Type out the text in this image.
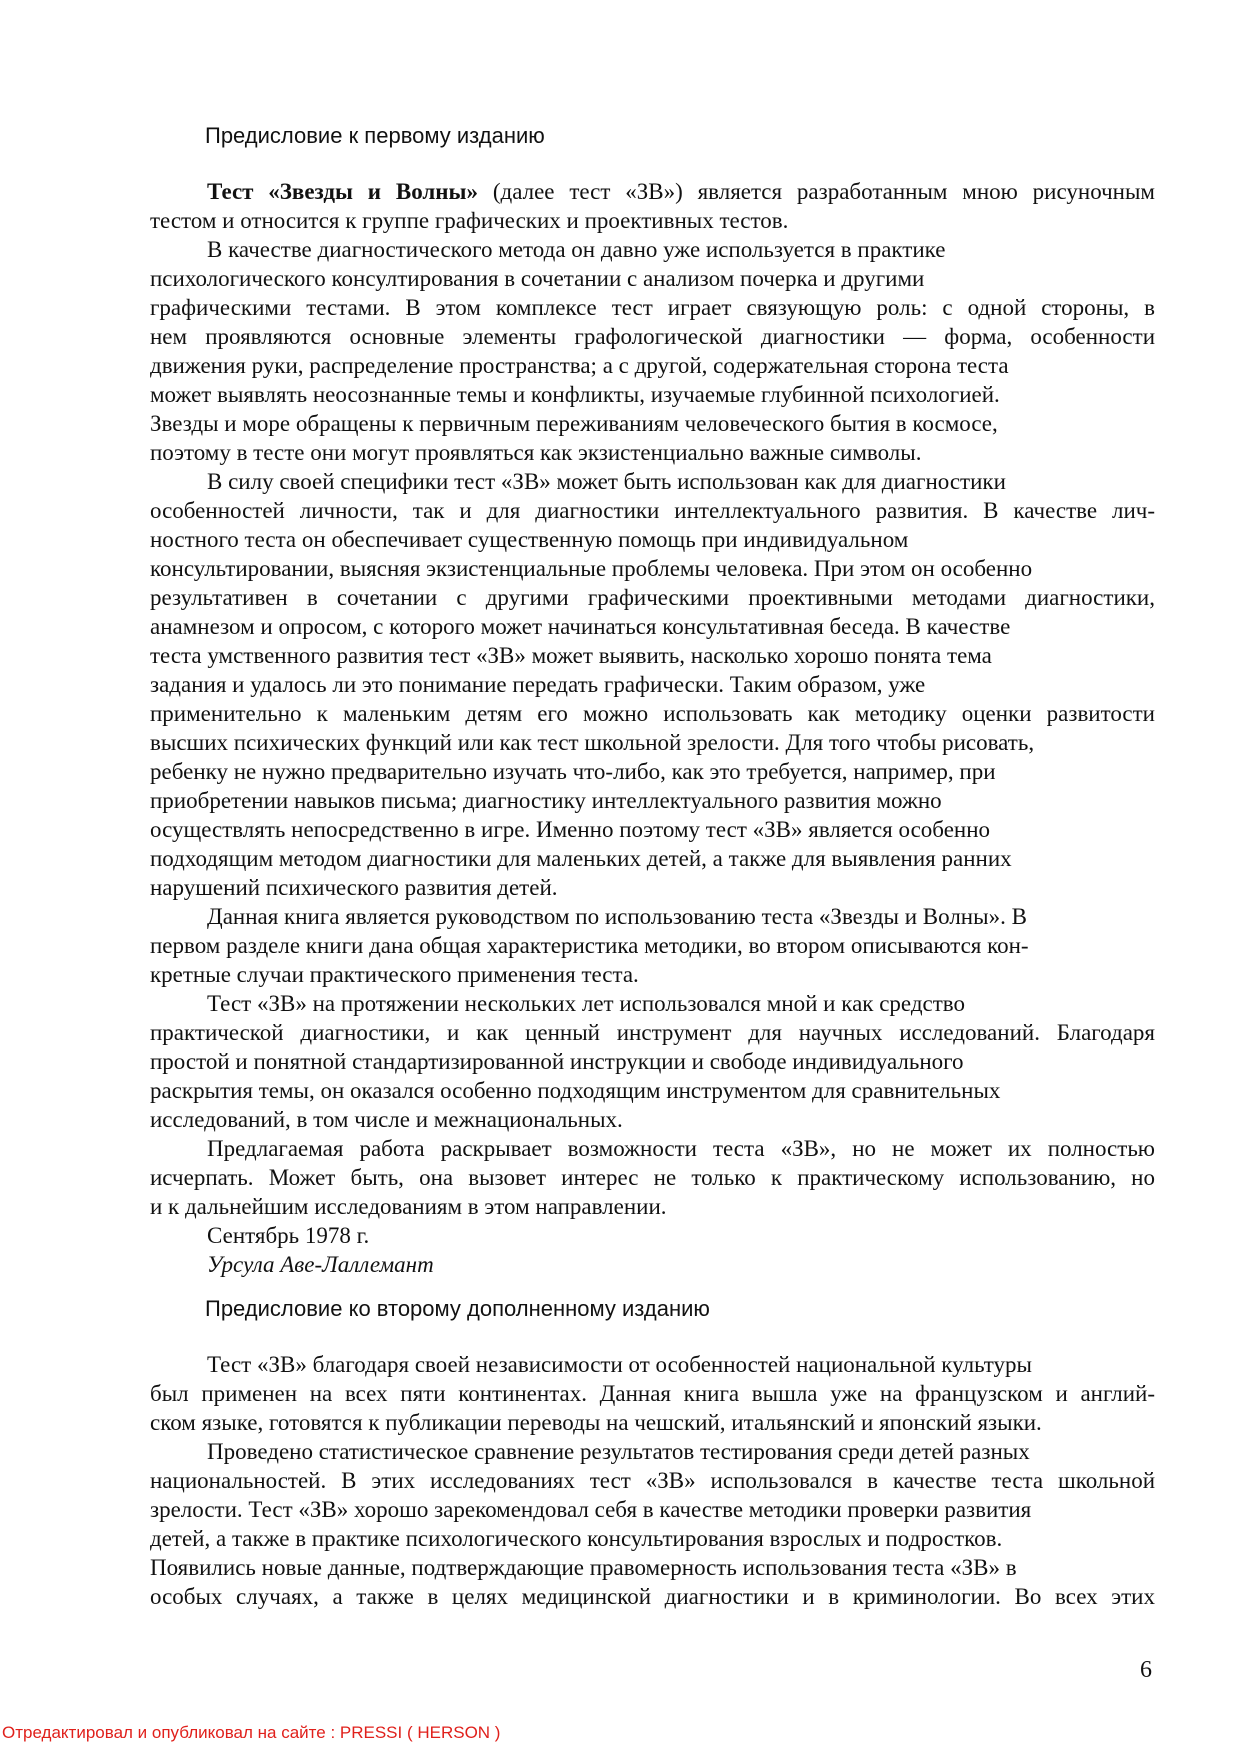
Предисловие к первому изданию
Тест «Звезды и Волны» (далее тест «ЗВ») является разработанным мною рисуночным
тестом и относится к группе графических и проективных тестов.
В качестве диагностического метода он давно уже используется в практике
психологического консултирования в сочетании с анализом почерка и другими
графическими тестами. В этом комплексе тест играет связующую роль: с одной стороны, в
нем проявляются основные элементы графологической диагностики — форма, особенности
движения руки, распределение пространства; а с другой, содержательная сторона теста
может выявлять неосознанные темы и конфликты, изучаемые глубинной психологией.
Звезды и море обращены к первичным переживаниям человеческого бытия в космосе,
поэтому в тесте они могут проявляться как экзистенциально важные символы.
В силу своей специфики тест «ЗВ» может быть использован как для диагностики
особенностей личности, так и для диагностики интеллектуального развития. В качестве лич-
ностного теста он обеспечивает существенную помощь при индивидуальном
консультировании, выясняя экзистенциальные проблемы человека. При этом он особенно
результативен в сочетании с другими графическими проективными методами диагностики,
анамнезом и опросом, с которого может начинаться консультативная беседа. В качестве
теста умственного развития тест «ЗВ» может выявить, насколько хорошо понята тема
задания и удалось ли это понимание передать графически. Таким образом, уже
применительно к маленьким детям его можно использовать как методику оценки развитости
высших психических функций или как тест школьной зрелости. Для того чтобы рисовать,
ребенку не нужно предварительно изучать что-либо, как это требуется, например, при
приобретении навыков письма; диагностику интеллектуального развития можно
осуществлять непосредственно в игре. Именно поэтому тест «ЗВ» является особенно
подходящим методом диагностики для маленьких детей, а также для выявления ранних
нарушений психического развития детей.
Данная книга является руководством по использованию теста «Звезды и Волны». В
первом разделе книги дана общая характеристика методики, во втором описываются кон-
кретные случаи практического применения теста.
Тест «ЗВ» на протяжении нескольких лет использовался мной и как средство
практической диагностики, и как ценный инструмент для научных исследований. Благодаря
простой и понятной стандартизированной инструкции и свободе индивидуального
раскрытия темы, он оказался особенно подходящим инструментом для сравнительных
исследований, в том числе и межнациональных.
Предлагаемая работа раскрывает возможности теста «ЗВ», но не может их полностью
исчерпать. Может быть, она вызовет интерес не только к практическому использованию, но
и к дальнейшим исследованиям в этом направлении.
Сентябрь 1978 г.
Урсула Аве-Лаллемант
Предисловие ко второму дополненному изданию
Тест «ЗВ» благодаря своей независимости от особенностей национальной культуры
был применен на всех пяти континентах. Данная книга вышла уже на французском и англий-
ском языке, готовятся к публикации переводы на чешский, итальянский и японский языки.
Проведено статистическое сравнение результатов тестирования среди детей разных
национальностей. В этих исследованиях тест «ЗВ» использовался в качестве теста школьной
зрелости. Тест «ЗВ» хорошо зарекомендовал себя в качестве методики проверки развития
детей, а также в практике психологического консультирования взрослых и подростков.
Появились новые данные, подтверждающие правомерность использования теста «ЗВ» в
особых случаях, а также в целях медицинской диагностики и в криминологии. Во всех этих
6
Отредактировал и опубликовал на сайте : PRESSI ( HERSON )
